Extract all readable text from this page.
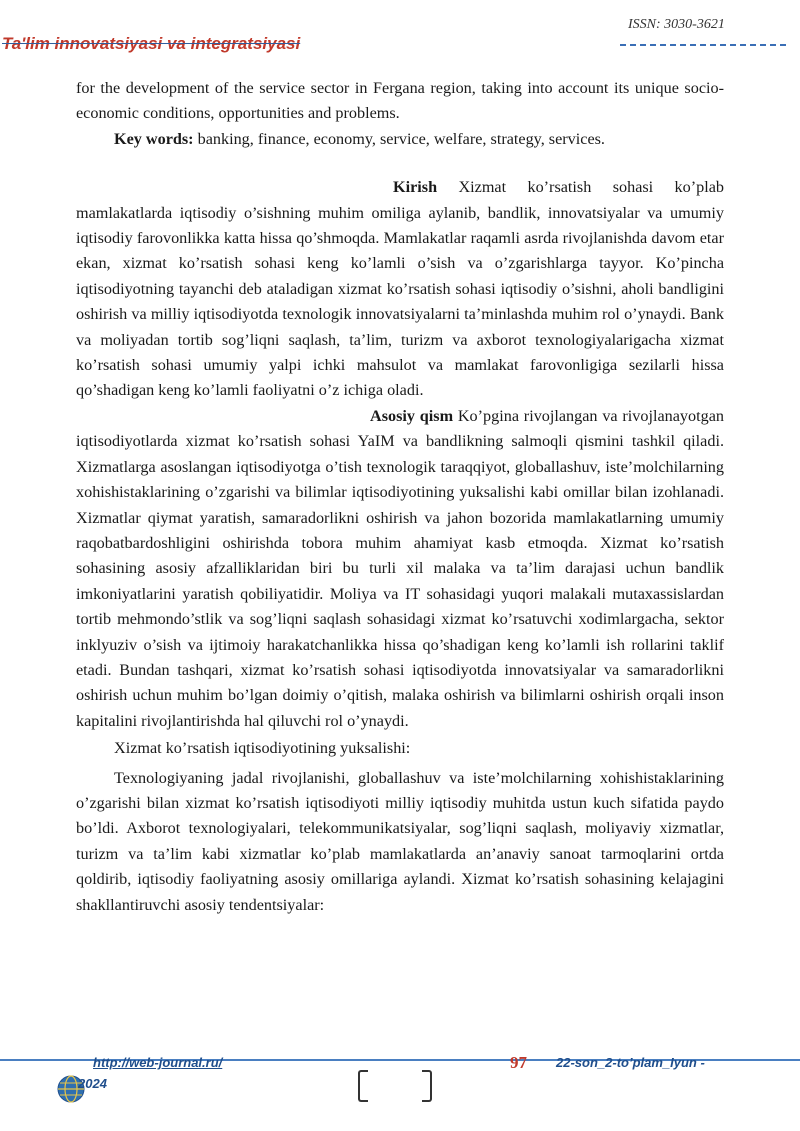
ISSN: 3030-3621
Ta'lim innovatsiyasi va integratsiyasi

for the development of the service sector in Fergana region, taking into account its unique socio-economic conditions, opportunities and problems.

Key words: banking, finance, economy, service, welfare, strategy, services.

Kirish Xizmat ko’rsatish sohasi ko’plab mamlakatlarda iqtisodiy o’sishning muhim omiliga aylanib, bandlik, innovatsiyalar va umumiy iqtisodiy farovonlikka katta hissa qo’shmoqda. Mamlakatlar raqamli asrda rivojlanishda davom etar ekan, xizmat ko’rsatish sohasi keng ko’lamli o’sish va o’zgarishlarga tayyor. Ko’pincha iqtisodiyotning tayanchi deb ataladigan xizmat ko’rsatish sohasi iqtisodiy o’sishni, aholi bandligini oshirish va milliy iqtisodiyotda texnologik innovatsiyalarni ta’minlashda muhim rol o’ynaydi. Bank va moliyadan tortib sog’liqni saqlash, ta’lim, turizm va axborot texnologiyalarigacha xizmat ko’rsatish sohasi umumiy yalpi ichki mahsulot va mamlakat farovonligiga sezilarli hissa qo’shadigan keng ko’lamli faoliyatni o’z ichiga oladi.

Asosiy qism Ko’pgina rivojlangan va rivojlanayotgan iqtisodiyotlarda xizmat ko’rsatish sohasi YaIM va bandlikning salmoqli qismini tashkil qiladi. Xizmatlarga asoslangan iqtisodiyotga o’tish texnologik taraqqiyot, globallashuv, iste’molchilarning xohishistaklarining o’zgarishi va bilimlar iqtisodiyotining yuksalishi kabi omillar bilan izohlanadi. Xizmatlar qiymat yaratish, samaradorlikni oshirish va jahon bozorida mamlakatlarning umumiy raqobatbardoshligini oshirishda tobora muhim ahamiyat kasb etmoqda. Xizmat ko’rsatish sohasining asosiy afzalliklaridan biri bu turli xil malaka va ta’lim darajasi uchun bandlik imkoniyatlarini yaratish qobiliyatidir. Moliya va IT sohasidagi yuqori malakali mutaxassislardan tortib mehmondo’stlik va sog’liqni saqlash sohasidagi xizmat ko’rsatuvchi xodimlargacha, sektor inklyuziv o’sish va ijtimoiy harakatchanlikka hissa qo’shadigan keng ko’lamli ish rollarini taklif etadi. Bundan tashqari, xizmat ko’rsatish sohasi iqtisodiyotda innovatsiyalar va samaradorlikni oshirish uchun muhim bo’lgan doimiy o’qitish, malaka oshirish va bilimlarni oshirish orqali inson kapitalini rivojlantirishda hal qiluvchi rol o’ynaydi.

Xizmat ko’rsatish iqtisodiyotining yuksalishi:

Texnologiyaning jadal rivojlanishi, globallashuv va iste’molchilarning xohishistaklarining o’zgarishi bilan xizmat ko’rsatish iqtisodiyoti milliy iqtisodiy muhitda ustun kuch sifatida paydo bo’ldi. Axborot texnologiyalari, telekommunikatsiyalar, sog’liqni saqlash, moliyaviy xizmatlar, turizm va ta’lim kabi xizmatlar ko’plab mamlakatlarda an’anaviy sanoat tarmoqlarini ortda qoldirib, iqtisodiy faoliyatning asosiy omillariga aylandi. Xizmat ko’rsatish sohasining kelajagini shakllantiruvchi asosiy tendentsiyalar:

http://web-journal.ru/
2024
97 22-son_2-to’plam_Iyun -
